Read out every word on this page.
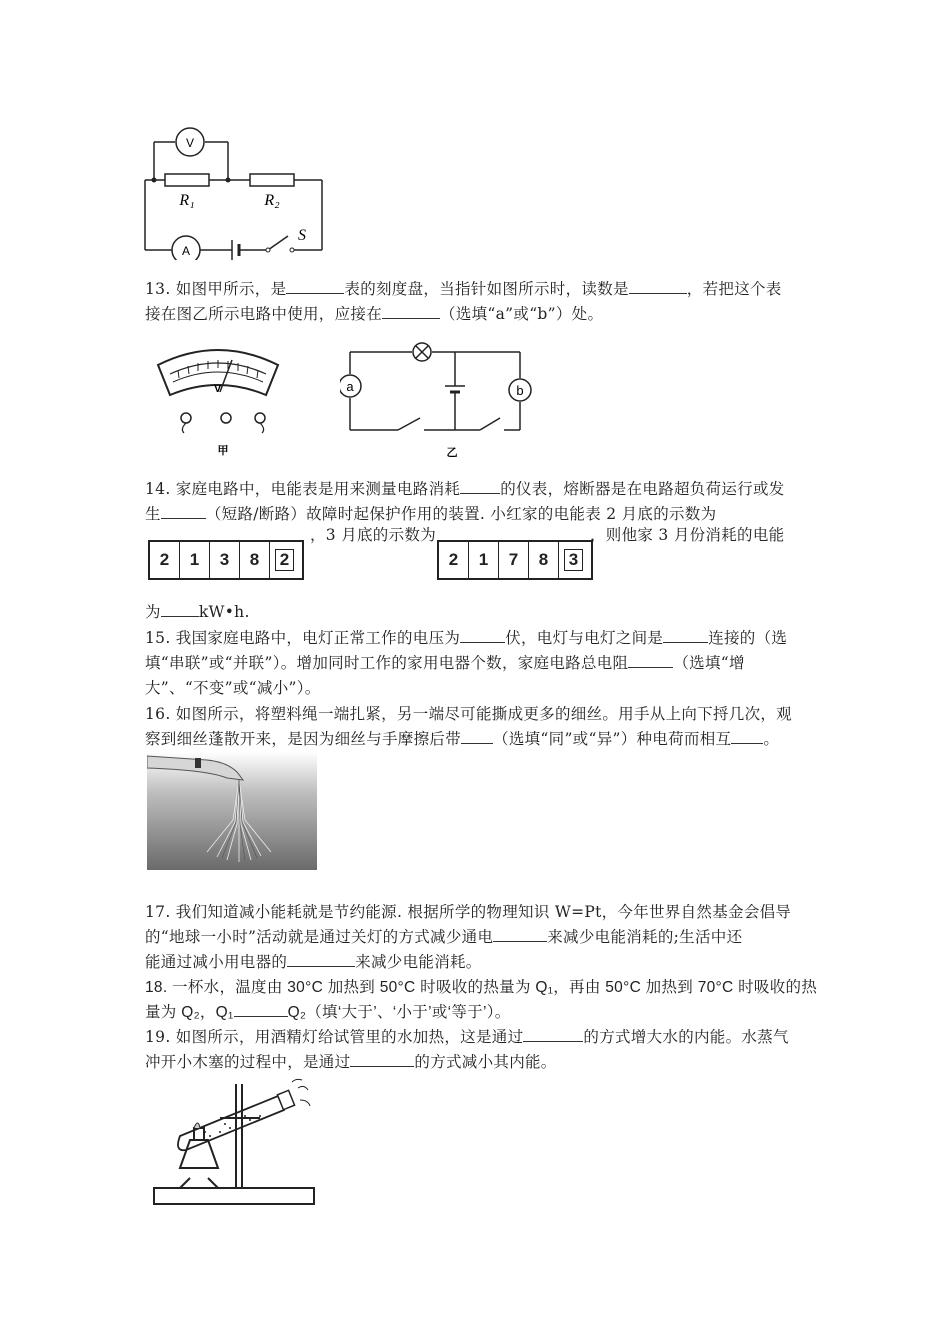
V
A
R₁	R₂
S
13. 如图甲所示，是	表的刻度盘，当指针如图所示时，读数是	，若把这个表
接在图乙所示电路中使用，应接在	（选填“a”或“b”）处。
V
甲
a	b
乙
14. 家庭电路中，电能表是用来测量电路消耗	的仪表，熔断器是在电路超负荷运行或发
生	（短路/断路）故障时起保护作用的装置. 小红家的电能表 2 月底的示数为
，3 月底的示数为	，则他家 3 月份消耗的电能
2	1	3	8	2	2	1	7	8	3
为 kW•h.
15. 我国家庭电路中，电灯正常工作的电压为	伏，电灯与电灯之间是	连接的（选
填“串联”或“并联”）。增加同时工作的家用电器个数，家庭电路总电阻	（选填“增
大”、“不变”或“减小”）。
16. 如图所示，将塑料绳一端扎紧，另一端尽可能撕成更多的细丝。用手从上向下捋几次，观
察到细丝蓬散开来，是因为细丝与手摩擦后带 （选填“同”或“异”）种电荷而相互 。
17. 我们知道减小能耗就是节约能源. 根据所学的物理知识 W=Pt，今年世界自然基金会倡导
的“地球一小时”活动就是通过关灯的方式减少通电	来减少电能消耗的;生活中还
能通过减小用电器的	来减少电能消耗。
18. 一杯水，温度由 30°C 加热到 50°C 时吸收的热量为 Q₁，再由 50°C 加热到 70°C 时吸收的热
量为 Q₂，Q₁	Q₂（填‘大于’、‘小于’或‘等于’）。
19. 如图所示，用酒精灯给试管里的水加热，这是通过	的方式增大水的内能。水蒸气
冲开小木塞的过程中，是通过	的方式减小其内能。
